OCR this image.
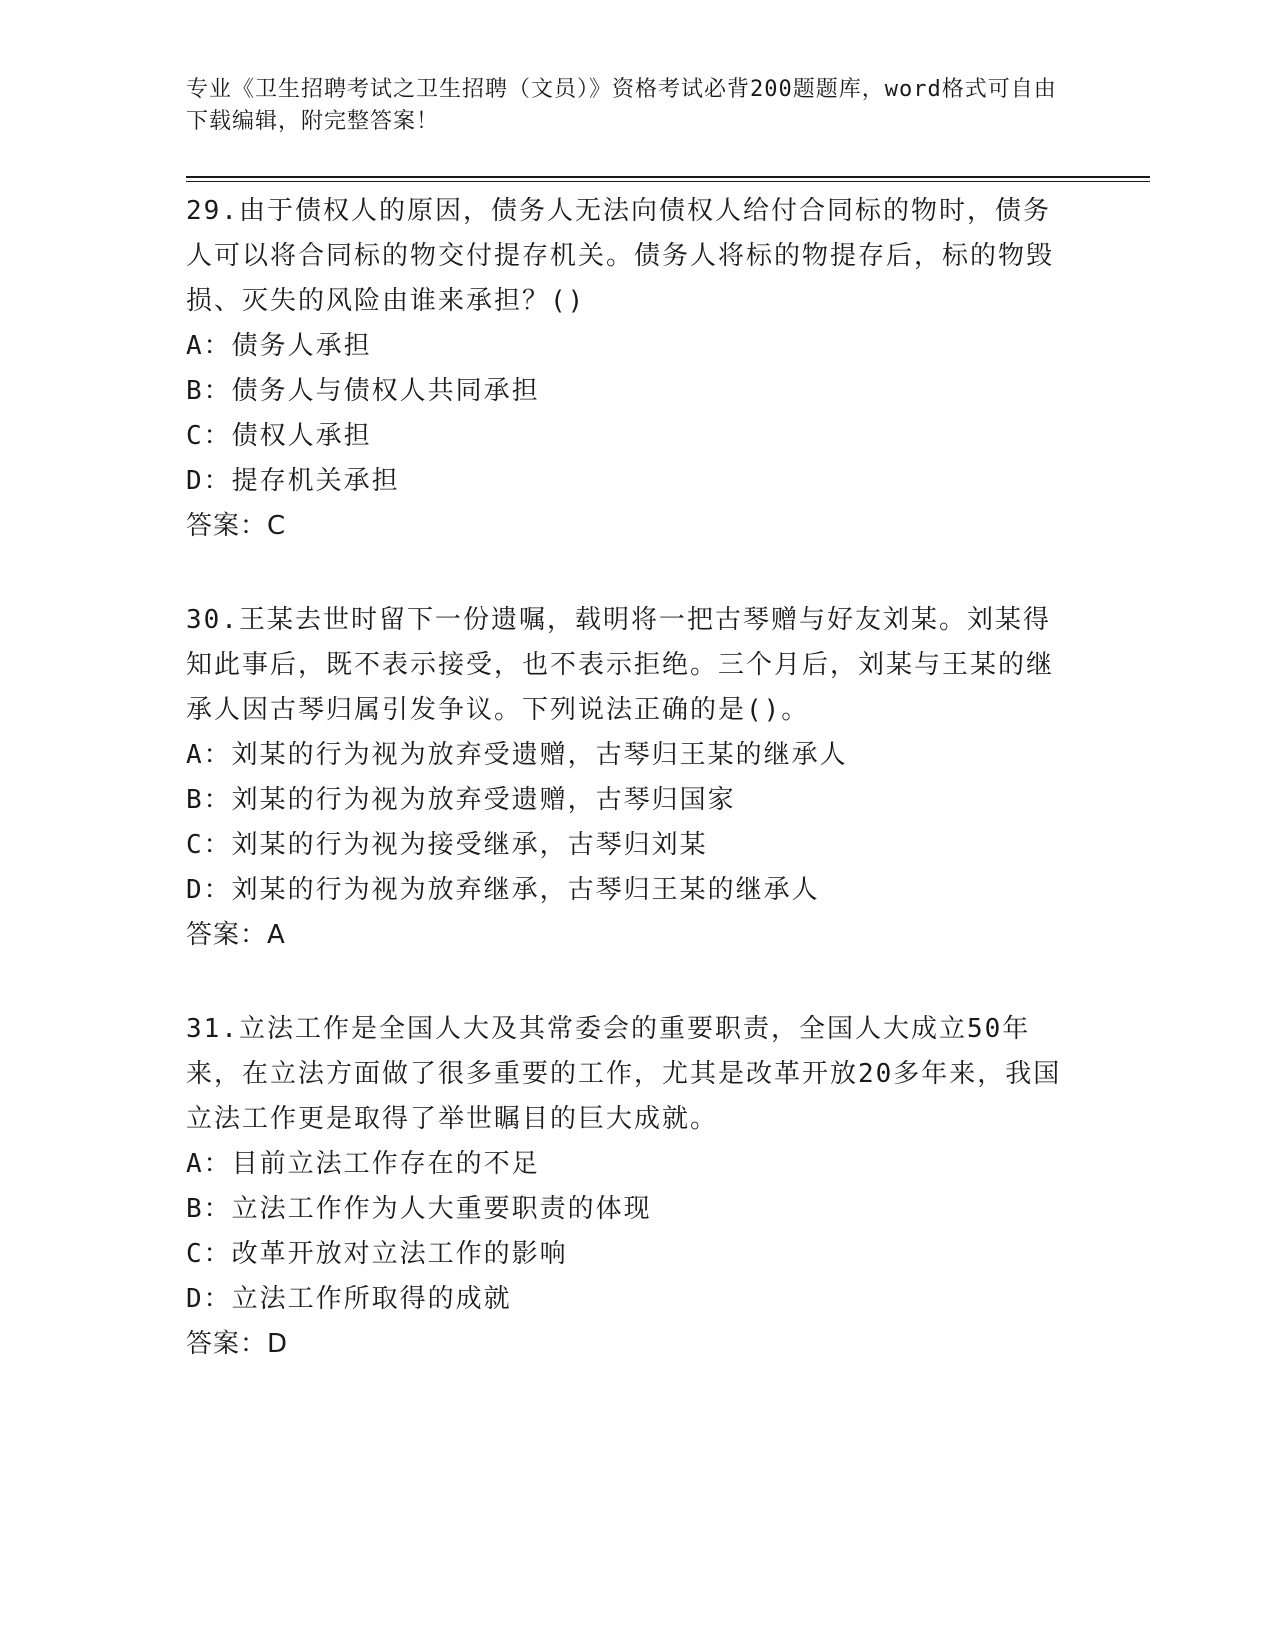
专业《卫生招聘考试之卫生招聘（文员）》资格考试必背200题题库，word格式可自由下载编辑，附完整答案！
29.由于债权人的原因，债务人无法向债权人给付合同标的物时，债务人可以将合同标的物交付提存机关。债务人将标的物提存后，标的物毁损、灭失的风险由谁来承担？()
A：债务人承担
B：债务人与债权人共同承担
C：债权人承担
D：提存机关承担
答案：C
30.王某去世时留下一份遗嘱，载明将一把古琴赠与好友刘某。刘某得知此事后，既不表示接受，也不表示拒绝。三个月后，刘某与王某的继承人因古琴归属引发争议。下列说法正确的是()。
A：刘某的行为视为放弃受遗赠，古琴归王某的继承人
B：刘某的行为视为放弃受遗赠，古琴归国家
C：刘某的行为视为接受继承，古琴归刘某
D：刘某的行为视为放弃继承，古琴归王某的继承人
答案：A
31.立法工作是全国人大及其常委会的重要职责，全国人大成立50年来，在立法方面做了很多重要的工作，尤其是改革开放20多年来，我国立法工作更是取得了举世瞩目的巨大成就。
A：目前立法工作存在的不足
B：立法工作作为人大重要职责的体现
C：改革开放对立法工作的影响
D：立法工作所取得的成就
答案：D
